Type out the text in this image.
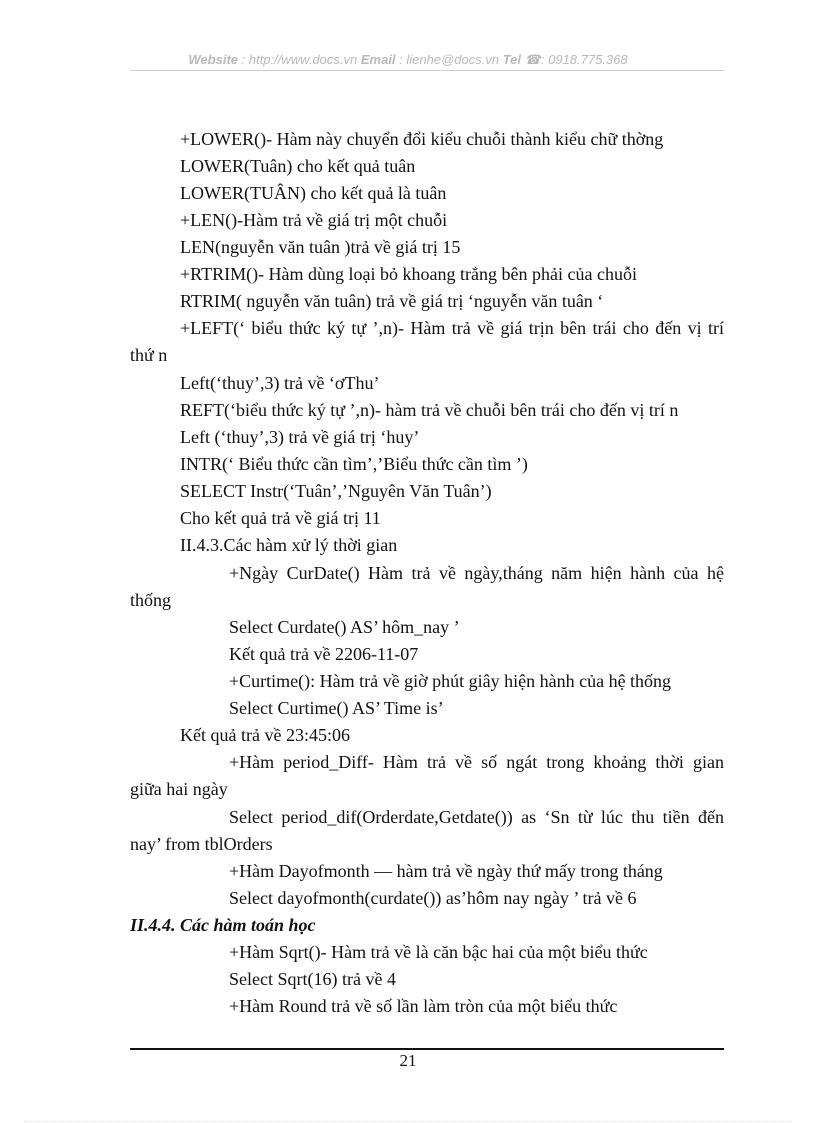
Website : http://www.docs.vn Email : lienhe@docs.vn Tel ☎: 0918.775.368
+LOWER()- Hàm này chuyển đổi kiểu chuỗi thành kiểu chữ thờng
LOWER(Tuân) cho kết quả tuân
LOWER(TUÂN) cho kết quả là tuân
+LEN()-Hàm trả về giá trị một chuỗi
LEN(nguyễn văn tuân )trả về giá trị 15
+RTRIM()- Hàm dùng loại bỏ khoang trắng bên phải của chuỗi
RTRIM( nguyễn văn tuân) trả về giá trị ‘nguyễn văn tuân ‘
+LEFT(‘ biểu thức ký tự ’,n)- Hàm trả về giá trịn bên trái cho đến vị trí
thứ n
Left(‘thuy’,3) trả về ‘ơThu’
REFT(‘biểu thức ký tự ’,n)- hàm trả về chuỗi bên trái cho đến vị trí n
Left (‘thuy’,3) trả về giá trị ‘huy’
INTR(‘ Biểu thức cần tìm’,’Biểu thức cần tìm ’)
SELECT Instr(‘Tuân’,’Nguyên Văn Tuân’)
Cho kết quả trả về giá trị 11
II.4.3.Các hàm xử lý thời gian
+Ngày CurDate() Hàm trả về ngày,tháng năm hiện hành của hệ
thống
Select Curdate() AS’ hôm_nay ’
Kết quả trả về 2206-11-07
+Curtime(): Hàm trả về giờ phút giây hiện hành của hệ thống
Select Curtime() AS’ Time is’
Kết quả trả về 23:45:06
+Hàm period_Diff- Hàm trả về số ngát trong khoảng thời gian
giữa hai ngày
Select period_dif(Orderdate,Getdate()) as ‘Sn từ lúc thu tiền đến
nay’ from tblOrders
+Hàm Dayofmonth — hàm trả về ngày thứ mấy trong tháng
Select dayofmonth(curdate()) as’hôm nay ngày ’ trả về 6
II.4.4. Các hàm toán học
+Hàm Sqrt()- Hàm trả về là căn bậc hai của một biểu thức
Select Sqrt(16) trả về 4
+Hàm Round trả về số lần làm tròn của một biểu thức
21
